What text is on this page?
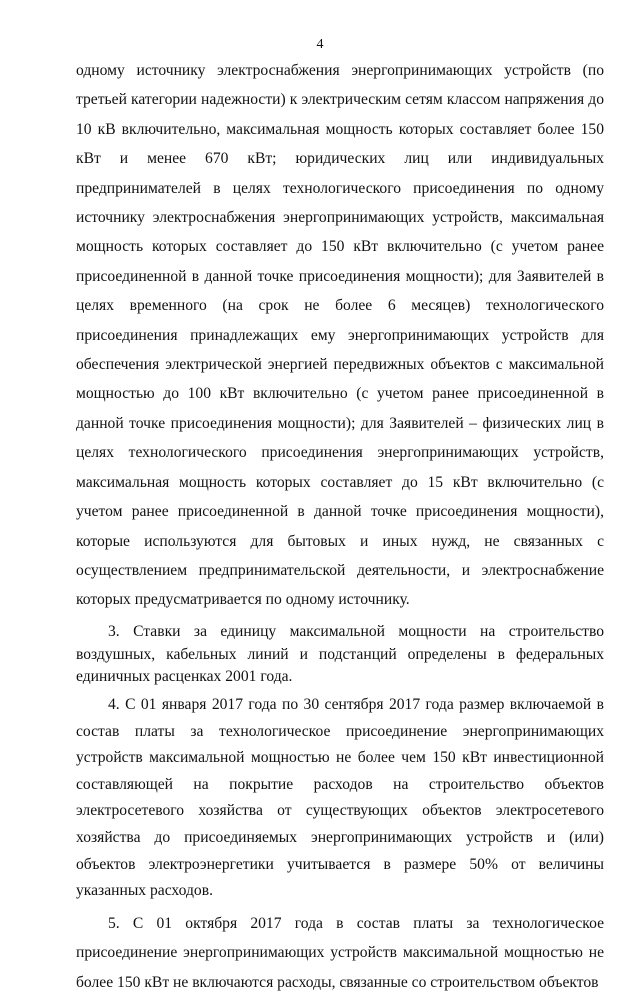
4

одному источнику электроснабжения энергопринимающих устройств (по третьей категории надежности) к электрическим сетям классом напряжения до 10 кВ включительно, максимальная мощность которых составляет более 150 кВт и менее 670 кВт; юридических лиц или индивидуальных предпринимателей в целях технологического присоединения по одному источнику электроснабжения энергопринимающих устройств, максимальная мощность которых составляет до 150 кВт включительно (с учетом ранее присоединенной в данной точке присоединения мощности); для Заявителей в целях временного (на срок не более 6 месяцев) технологического присоединения принадлежащих ему энергопринимающих устройств для обеспечения электрической энергией передвижных объектов с максимальной мощностью до 100 кВт включительно (с учетом ранее присоединенной в данной точке присоединения мощности); для Заявителей – физических лиц в целях технологического присоединения энергопринимающих устройств, максимальная мощность которых составляет до 15 кВт включительно (с учетом ранее присоединенной в данной точке присоединения мощности), которые используются для бытовых и иных нужд, не связанных с осуществлением предпринимательской деятельности, и электроснабжение которых предусматривается по одному источнику.

3. Ставки за единицу максимальной мощности на строительство воздушных, кабельных линий и подстанций определены в федеральных единичных расценках 2001 года.

4. С 01 января 2017 года по 30 сентября 2017 года размер включаемой в состав платы за технологическое присоединение энергопринимающих устройств максимальной мощностью не более чем 150 кВт инвестиционной составляющей на покрытие расходов на строительство объектов электросетевого хозяйства от существующих объектов электросетевого хозяйства до присоединяемых энергопринимающих устройств и (или) объектов электроэнергетики учитывается в размере 50% от величины указанных расходов.

5. С 01 октября 2017 года в состав платы за технологическое присоединение энергопринимающих устройств максимальной мощностью не более 150 кВт не включаются расходы, связанные со строительством объектов
